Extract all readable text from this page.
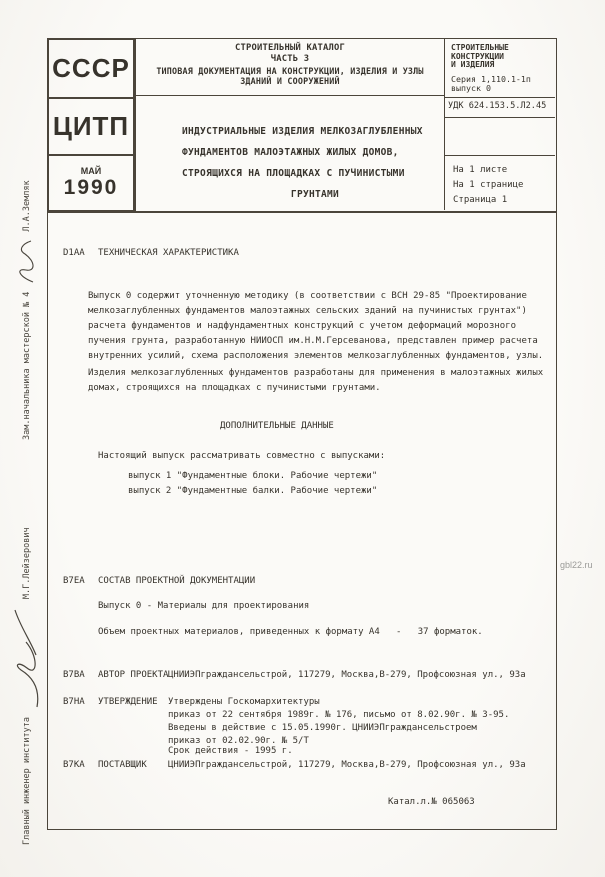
СССР
ЦИТП
МАЙ
1990
СТРОИТЕЛЬНЫЙ КАТАЛОГ
ЧАСТЬ 3
ТИПОВАЯ ДОКУМЕНТАЦИЯ НА КОНСТРУКЦИИ, ИЗДЕЛИЯ И УЗЛЫ
ЗДАНИЙ И СООРУЖЕНИЙ
ИНДУСТРИАЛЬНЫЕ ИЗДЕЛИЯ МЕЛКОЗАГЛУБЛЕННЫХ
ФУНДАМЕНТОВ МАЛОЭТАЖНЫХ ЖИЛЫХ ДОМОВ,
СТРОЯЩИХСЯ НА ПЛОЩАДКАХ С ПУЧИНИСТЫМИ
ГРУНТАМИ
СТРОИТЕЛЬНЫЕ
КОНСТРУКЦИИ
И ИЗДЕЛИЯ
Серия 1,110.1-1п
выпуск 0
УДК 624.153.5.Л2.45
На 1 листе
На 1 странице
Страница 1
D1АА ТЕХНИЧЕСКАЯ ХАРАКТЕРИСТИКА
Выпуск 0 содержит уточненную методику (в соответствии с ВСН 29-85 "Проектирование
мелкозаглубленных фундаментов малоэтажных сельских зданий на пучинистых грунтах")
расчета фундаментов и надфундаментных конструкций с учетом деформаций морозного
пучения грунта, разработанную НИИОСП им.Н.М.Герсеванова, представлен пример расчета
внутренних усилий, схема расположения элементов мелкозаглубленных фундаментов, узлы.
Изделия мелкозаглубленных фундаментов разработаны для применения в малоэтажных жилых
домах, строящихся на площадках с пучинистыми грунтами.
ДОПОЛНИТЕЛЬНЫЕ ДАННЫЕ
Настоящий выпуск рассматривать совместно с выпусками:
выпуск 1 "Фундаментные блоки. Рабочие чертежи"
выпуск 2 "Фундаментные балки. Рабочие чертежи"
В7ЕА СОСТАВ ПРОЕКТНОЙ ДОКУМЕНТАЦИИ
Выпуск 0 - Материалы для проектирования
Объем проектных материалов, приведенных к формату А4   -   37 форматок.
В7ВА АВТОР ПРОЕКТА ЦНИИЭПгражданcельстрой, 117279, Москва,В-279, Профсоюзная ул., 93а
В7НА УТВЕРЖДЕНИЕ Утверждены Госкомархитектуры
приказ от 22 сентября 1989г. № 176, письмо от 8.02.90г. № 3-95.
Введены в действие с 15.05.1990г. ЦНИИЭПгражданcельстроем
приказ от 02.02.90г. № 5/Т
Срок действия - 1995 г.
В7КА ПОСТАВЩИК ЦНИИЭПгражданcельстрой, 117279, Москва,В-279, Профсоюзная ул., 93а
Катал.л.№ 065063
Зам.начальника мастерской № 4
Л.А.Земляк
Главный инженер института
М.Г.Лейзерович	gbl22.ru
